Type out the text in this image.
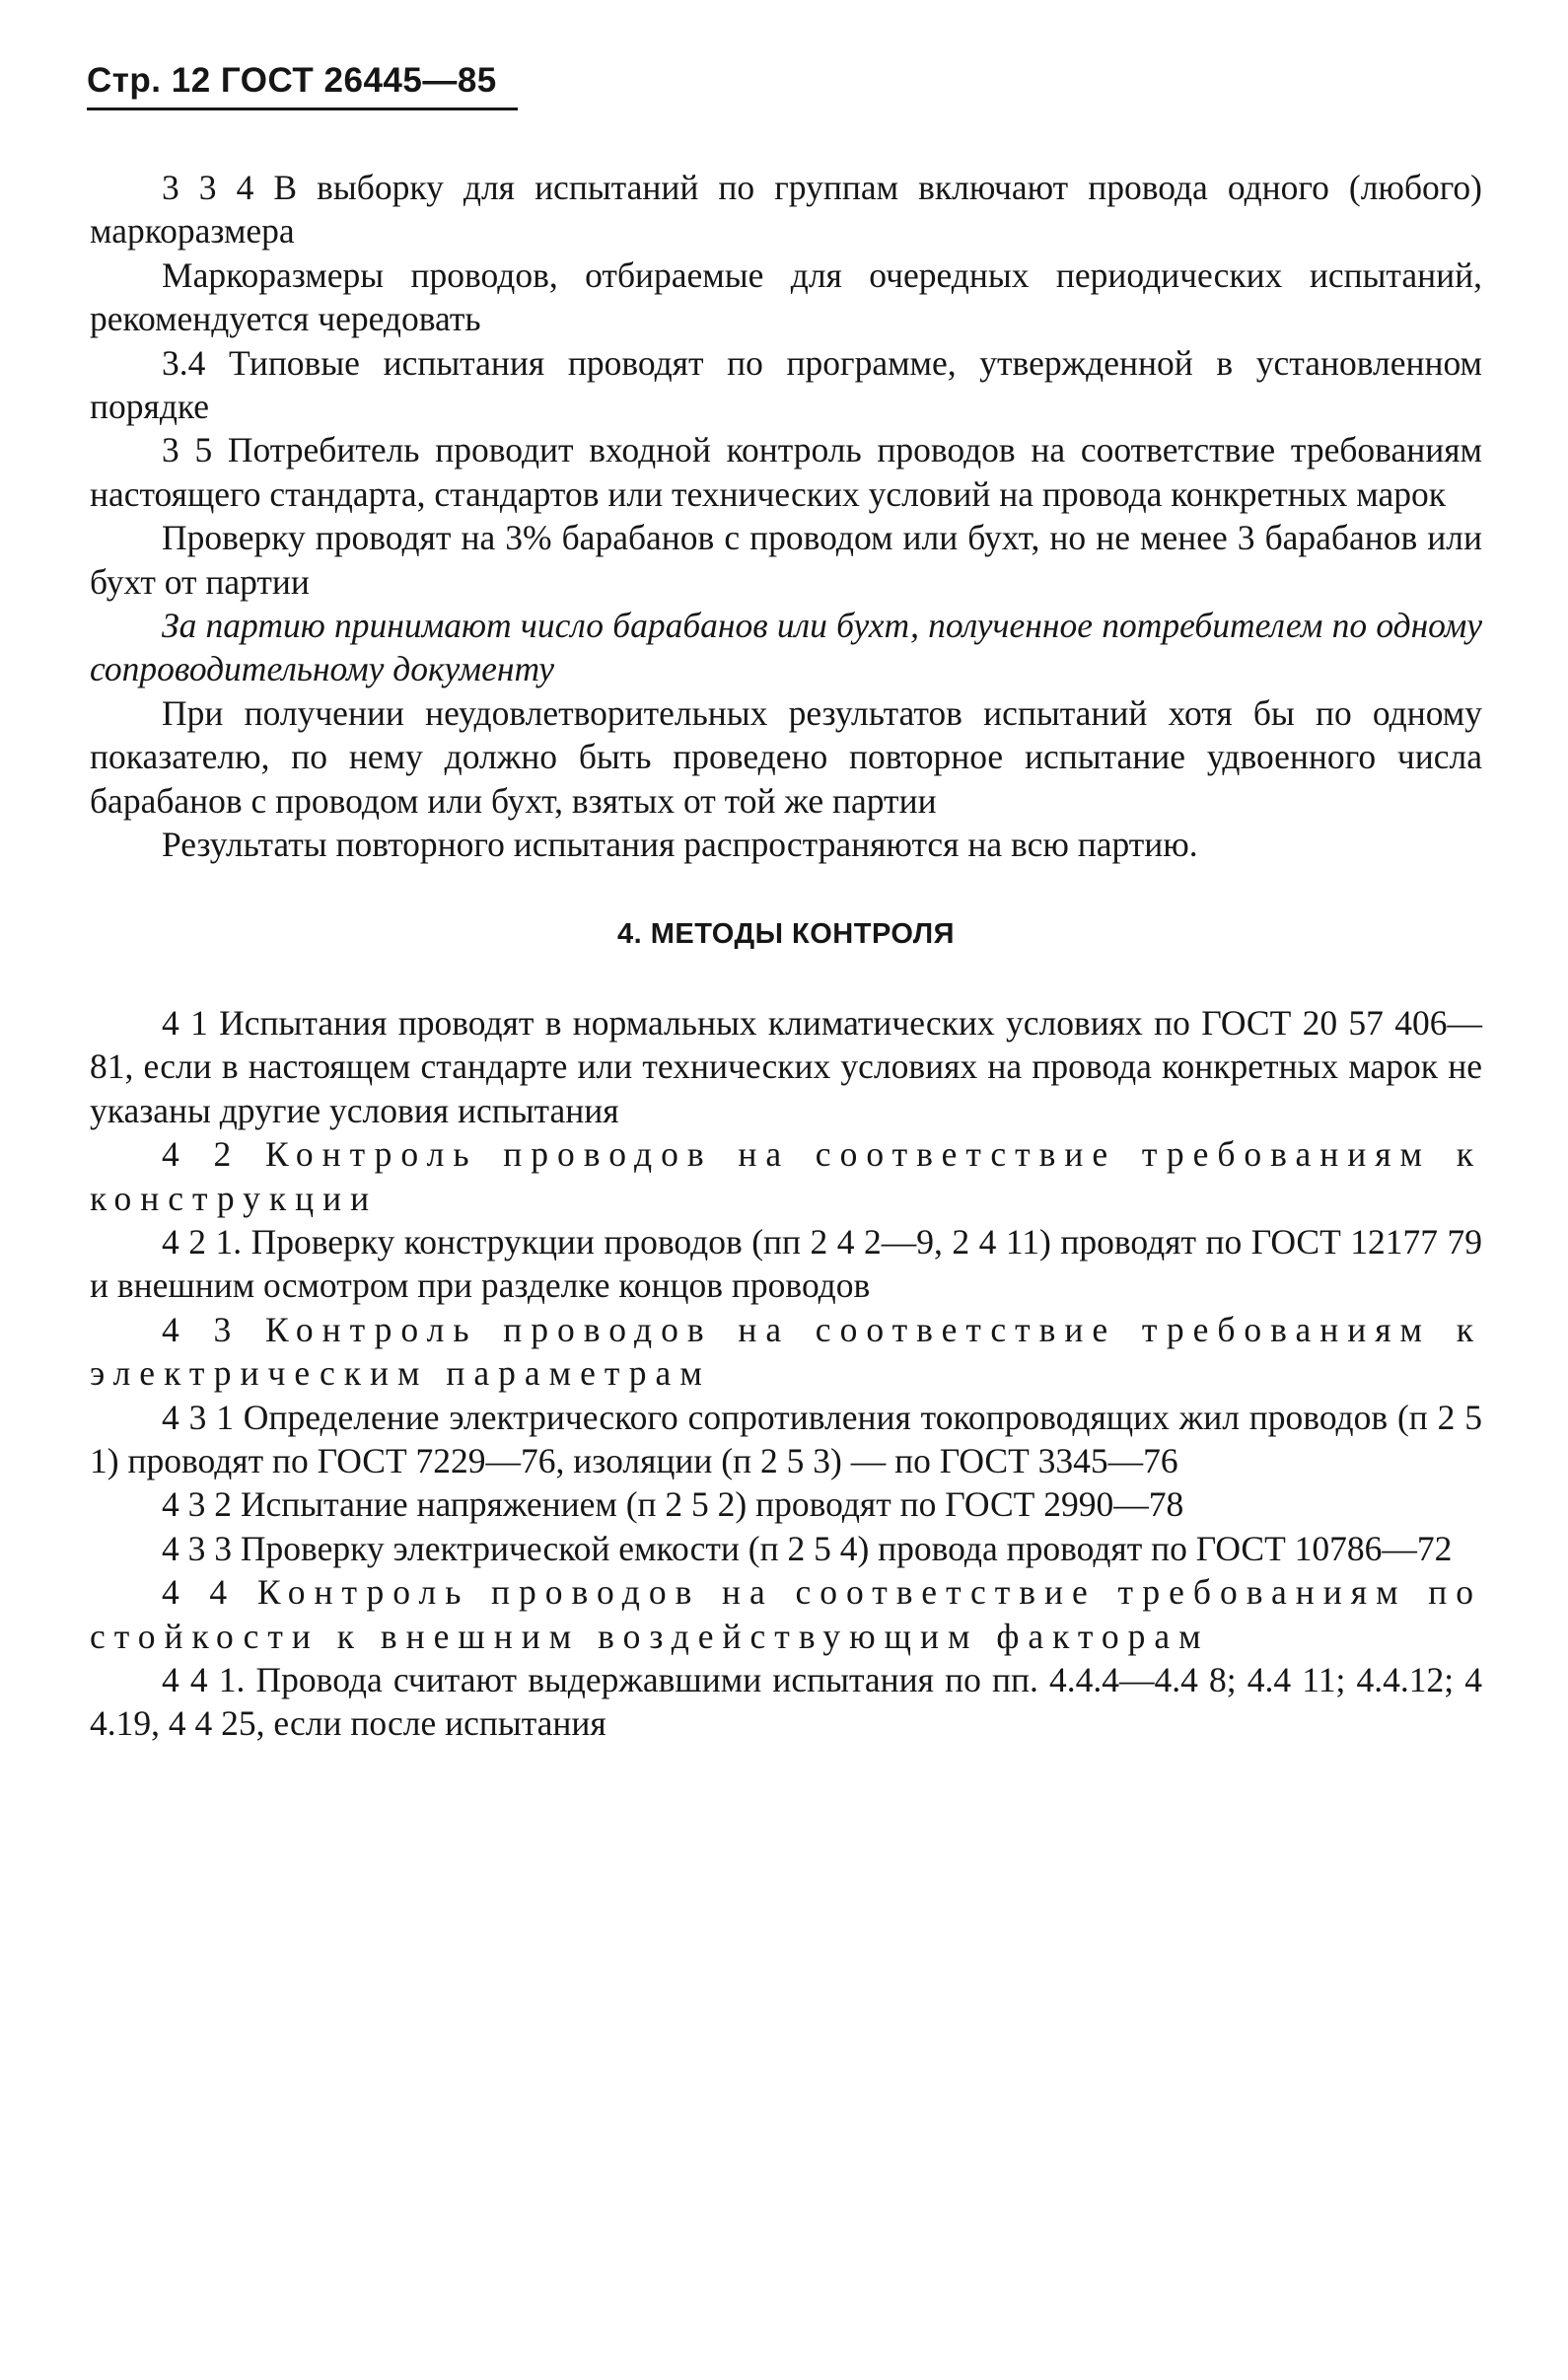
Стр. 12 ГОСТ 26445—85

3 3 4 В выборку для испытаний по группам включают провода одного (любого) маркоразмера

Маркоразмеры проводов, отбираемые для очередных периодических испытаний, рекомендуется чередовать

3.4 Типовые испытания проводят по программе, утвержденной в установленном порядке

3 5 Потребитель проводит входной контроль проводов на соответствие требованиям настоящего стандарта, стандартов или технических условий на провода конкретных марок

Проверку проводят на 3% барабанов с проводом или бухт, но не менее 3 барабанов или бухт от партии

За партию принимают число барабанов или бухт, полученное потребителем по одному сопроводительному документу

При получении неудовлетворительных результатов испытаний хотя бы по одному показателю, по нему должно быть проведено повторное испытание удвоенного числа барабанов с проводом или бухт, взятых от той же партии

Результаты повторного испытания распространяются на всю партию.

4. МЕТОДЫ КОНТРОЛЯ

4 1 Испытания проводят в нормальных климатических условиях по ГОСТ 20 57 406—81, если в настоящем стандарте или технических условиях на провода конкретных марок не указаны другие условия испытания

4 2 Контроль проводов на соответствие требованиям к конструкции

4 2 1. Проверку конструкции проводов (пп 2 4 2—9, 2 4 11) проводят по ГОСТ 12177 79 и внешним осмотром при разделке концов проводов

4 3 Контроль проводов на соответствие требованиям к электрическим параметрам

4 3 1 Определение электрического сопротивления токопроводящих жил проводов (п 2 5 1) проводят по ГОСТ 7229—76, изоляции (п 2 5 3) — по ГОСТ 3345—76

4 3 2 Испытание напряжением (п 2 5 2) проводят по ГОСТ 2990—78

4 3 3 Проверку электрической емкости (п 2 5 4) провода проводят по ГОСТ 10786—72

4 4 Контроль проводов на соответствие требованиям по стойкости к внешним воздействующим факторам

4 4 1. Провода считают выдержавшими испытания по пп. 4.4.4—4.4 8; 4.4 11; 4.4.12; 4 4.19, 4 4 25, если после испытания
